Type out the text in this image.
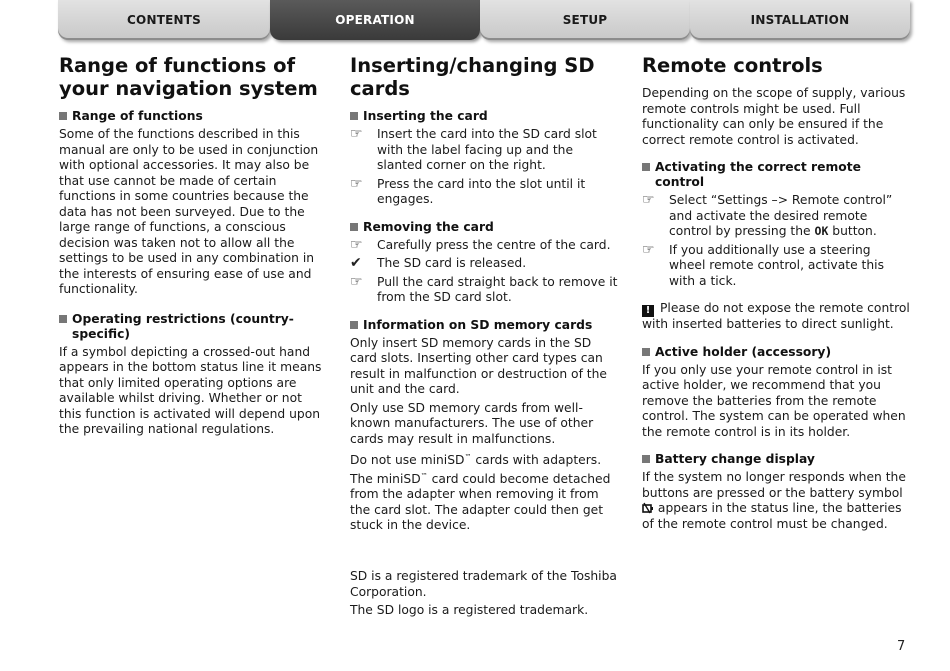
CONTENTS	OPERATION	SETUP	INSTALLATION
Range of functions of your navigation system
Range of functions

Some of the functions described in this manual are only to be used in conjunction with optional accessories. It may also be that use cannot be made of certain functions in some countries because the data has not been surveyed. Due to the large range of functions, a conscious decision was taken not to allow all the settings to be used in any combination in the interests of ensuring ease of use and functionality.

Operating restrictions (country-specific)

If a symbol depicting a crossed-out hand appears in the bottom status line it means that only limited operating options are available whilst driving. Whether or not this function is activated will depend upon the prevailing national regulations.

Inserting/changing SD cards
Inserting the card
☞	Insert the card into the SD card slot with the label facing up and the slanted corner on the right.
☞	Press the card into the slot until it engages.
Removing the card
☞	Carefully press the centre of the card.
✔	The SD card is released.
☞	Pull the card straight back to remove it from the SD card slot.
Information on SD memory cards

Only insert SD memory cards in the SD card slots. Inserting other card types can result in malfunction or destruction of the unit and the card.

Only use SD memory cards from well-known manufacturers. The use of other cards may result in malfunctions.

Do not use miniSD™ cards with adapters. The miniSD™ card could become detached from the adapter when removing it from the card slot. The adapter could then get stuck in the device.

SD is a registered trademark of the Toshiba Corporation.

The SD logo is a registered trademark.

Remote controls

Depending on the scope of supply, various remote controls might be used. Full functionality can only be ensured if the correct remote control is activated.

Activating the correct remote control
☞	Select “Settings –> Remote control” and activate the desired remote control by pressing the OK button.
☞	If you additionally use a steering wheel remote control, activate this with a tick.

! Please do not expose the remote control with inserted batteries to direct sunlight.

Active holder (accessory)

If you only use your remote control in ist active holder, we recommend that you remove the batteries from the remote control. The system can be operated when the remote control is in its holder.

Battery change display

If the system no longer responds when the buttons are pressed or the battery symbol  appears in the status line, the batteries of the remote control must be changed.

7
